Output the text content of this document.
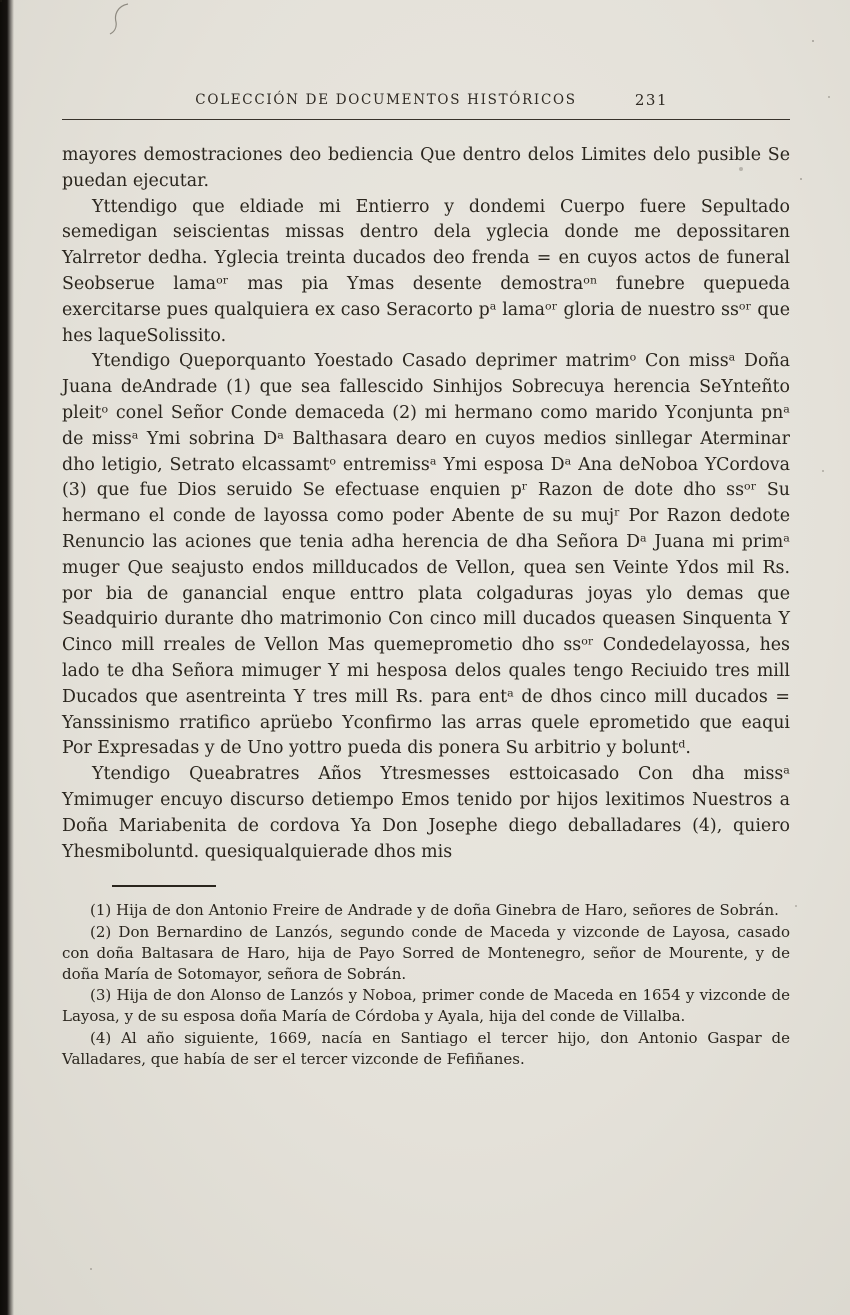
COLECCIÓN DE DOCUMENTOS HISTÓRICOS	231

mayores demostraciones deo bediencia Que dentro delos Limites delo pusible Se puedan ejecutar.

Yttendigo que eldiade mi Entierro y dondemi Cuerpo fuere Sepultado semedigan seiscientas missas dentro dela yglecia donde me depossitaren Yalrretor dedha. Yglecia treinta ducados deo frenda = en cuyos actos de funeral Seobserue lamaᵒʳ mas pia Ymas desente demostraᵒⁿ funebre quepueda exercitarse pues qualquiera ex caso Seracorto pᵃ lamaᵒʳ gloria de nuestro ssᵒʳ que hes laqueSolissito.

Ytendigo Queporquanto Yoestado Casado deprimer matrimᵒ Con missᵃ Doña Juana deAndrade (1) que sea fallescido Sinhijos Sobrecuya herencia SeYnteñto pleitᵒ conel Señor Conde demaceda (2) mi hermano como marido Yconjunta pnᵃ de missᵃ Ymi sobrina Dᵃ Balthasara dearo en cuyos medios sinllegar Aterminar dho letigio, Setrato elcassamtᵒ entremissᵃ Ymi esposa Dᵃ Ana deNoboa YCordova (3) que fue Dios seruido Se efectuase enquien pʳ Razon de dote dho ssᵒʳ Su hermano el conde de layossa como poder Abente de su mujʳ Por Razon dedote Renuncio las aciones que tenia adha herencia de dha Señora Dᵃ Juana mi primᵃ muger Que seajusto endos millducados de Vellon, quea sen Veinte Ydos mil Rs. por bia de ganancial enque enttro plata colgaduras joyas ylo demas que Seadquirio durante dho matrimonio Con cinco mill ducados queasen Sinquenta Y Cinco mill rreales de Vellon Mas quemeprometio dho ssᵒʳ Condedelayossa, hes lado te dha Señora mimuger Y mi hesposa delos quales tengo Reciuido tres mill Ducados que asentreinta Y tres mill Rs. para entᵃ de dhos cinco mill ducados = Yanssinismo rratifico aprüebo Yconfirmo las arras quele eprometido que eaqui Por Expresadas y de Uno yottro pueda dis ponera Su arbitrio y boluntᵈ.

Ytendigo Queabratres Años Ytresmesses esttoicasado Con dha missᵃ Ymimuger encuyo discurso detiempo Emos tenido por hijos lexitimos Nuestros a Doña Mariabenita de cordova Ya Don Josephe diego deballadares (4), quiero Yhesmiboluntd. quesiqualquierade dhos mis

(1) Hija de don Antonio Freire de Andrade y de doña Ginebra de Haro, señores de Sobrán.

(2) Don Bernardino de Lanzós, segundo conde de Maceda y vizconde de Layosa, casado con doña Baltasara de Haro, hija de Payo Sorred de Montenegro, señor de Mourente, y de doña María de Sotomayor, señora de Sobrán.

(3) Hija de don Alonso de Lanzós y Noboa, primer conde de Maceda en 1654 y vizconde de Layosa, y de su esposa doña María de Córdoba y Ayala, hija del conde de Villalba.

(4) Al año siguiente, 1669, nacía en Santiago el tercer hijo, don Antonio Gaspar de Valladares, que había de ser el tercer vizconde de Fefiñanes.
